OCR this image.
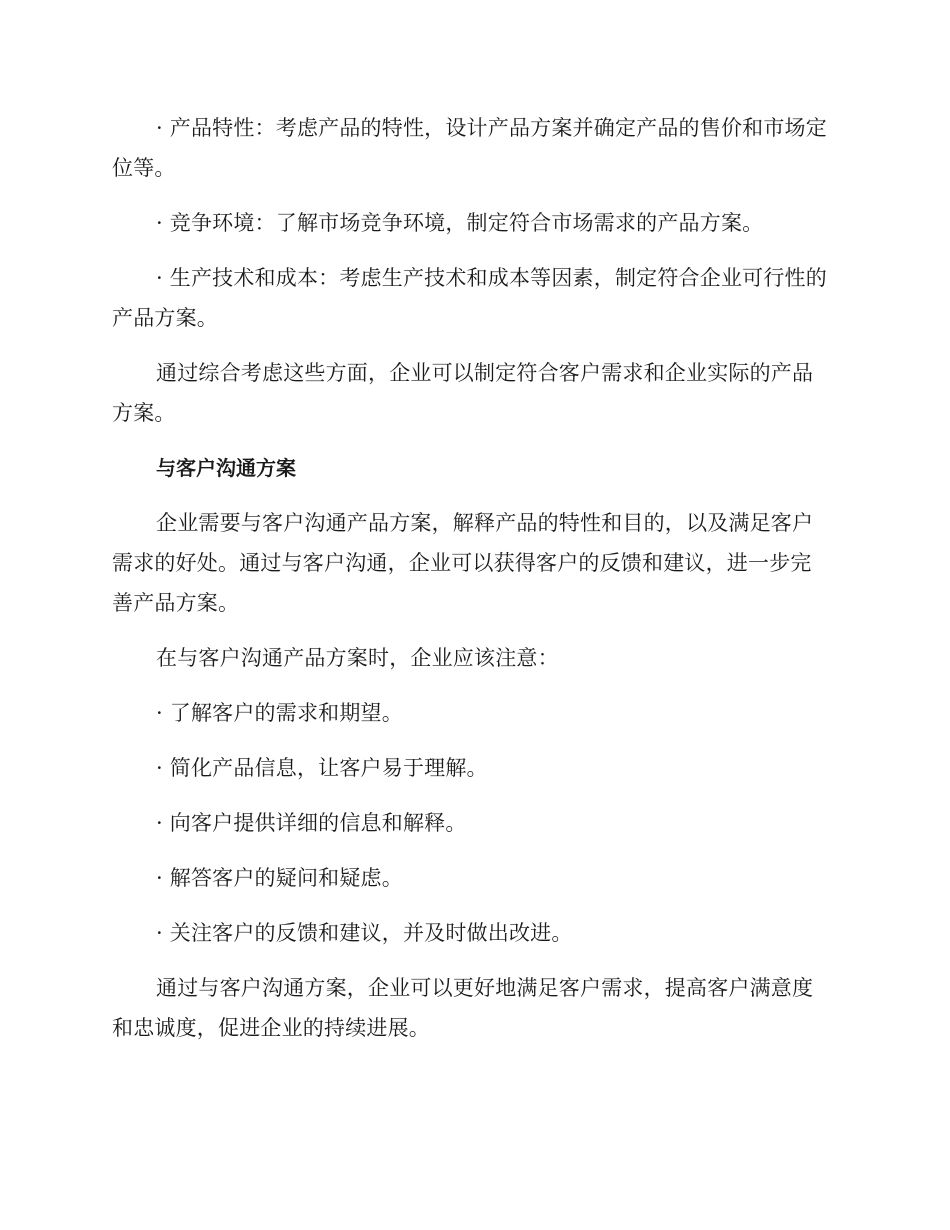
· 产品特性：考虑产品的特性，设计产品方案并确定产品的售价和市场定位等。

· 竞争环境：了解市场竞争环境，制定符合市场需求的产品方案。

· 生产技术和成本：考虑生产技术和成本等因素，制定符合企业可行性的产品方案。

通过综合考虑这些方面，企业可以制定符合客户需求和企业实际的产品方案。

与客户沟通方案

企业需要与客户沟通产品方案，解释产品的特性和目的，以及满足客户需求的好处。通过与客户沟通，企业可以获得客户的反馈和建议，进一步完善产品方案。

在与客户沟通产品方案时，企业应该注意：

· 了解客户的需求和期望。

· 简化产品信息，让客户易于理解。

· 向客户提供详细的信息和解释。

· 解答客户的疑问和疑虑。

· 关注客户的反馈和建议，并及时做出改进。

通过与客户沟通方案，企业可以更好地满足客户需求，提高客户满意度和忠诚度，促进企业的持续进展。
